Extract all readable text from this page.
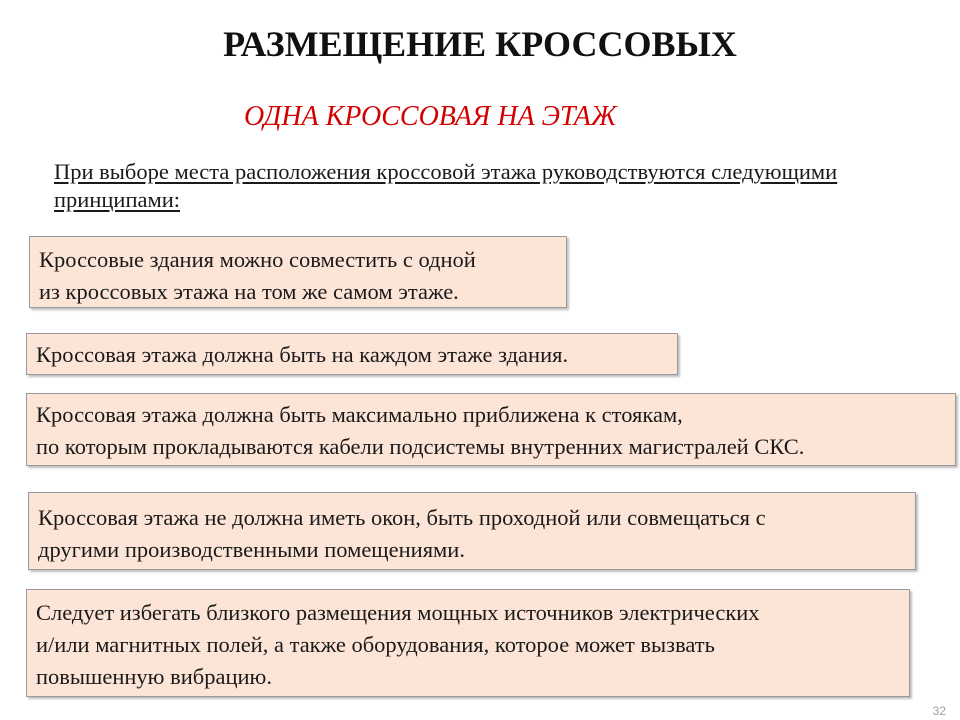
РАЗМЕЩЕНИЕ КРОССОВЫХ
ОДНА КРОССОВАЯ НА ЭТАЖ
При выборе места расположения кроссовой этажа руководствуются следующими принципами:
Кроссовые здания можно совместить с одной
из кроссовых этажа на том же самом этаже.
Кроссовая этажа должна быть на каждом этаже здания.
Кроссовая этажа должна быть максимально приближена к стоякам,
по которым прокладываются кабели подсистемы внутренних магистралей СКС.
Кроссовая этажа не должна иметь окон, быть проходной или совмещаться с
другими производственными помещениями.
Следует избегать близкого размещения мощных источников электрических
и/или магнитных полей, а также оборудования, которое может вызвать
повышенную вибрацию.
32
